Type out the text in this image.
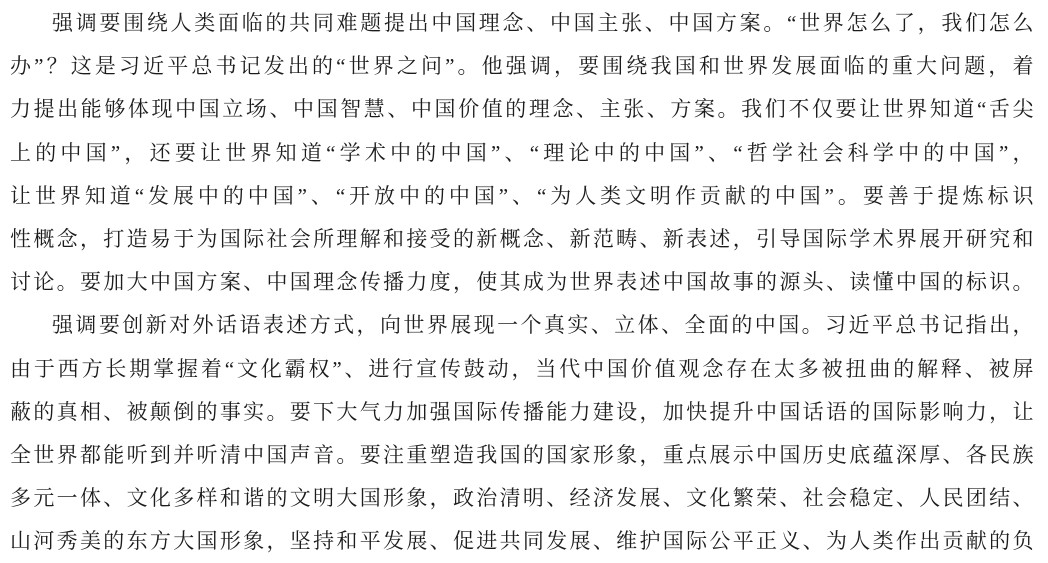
强调要围绕人类面临的共同难题提出中国理念、中国主张、中国方案。“世界怎么了，我们怎么
办”？这是习近平总书记发出的“世界之问”。他强调，要围绕我国和世界发展面临的重大问题，着
力提出能够体现中国立场、中国智慧、中国价值的理念、主张、方案。我们不仅要让世界知道“舌尖
上的中国”，还要让世界知道“学术中的中国”、“理论中的中国”、“哲学社会科学中的中国”，
让世界知道“发展中的中国”、“开放中的中国”、“为人类文明作贡献的中国”。要善于提炼标识
性概念，打造易于为国际社会所理解和接受的新概念、新范畴、新表述，引导国际学术界展开研究和
讨论。要加大中国方案、中国理念传播力度，使其成为世界表述中国故事的源头、读懂中国的标识。
强调要创新对外话语表述方式，向世界展现一个真实、立体、全面的中国。习近平总书记指出，
由于西方长期掌握着“文化霸权”、进行宣传鼓动，当代中国价值观念存在太多被扭曲的解释、被屏
蔽的真相、被颠倒的事实。要下大气力加强国际传播能力建设，加快提升中国话语的国际影响力，让
全世界都能听到并听清中国声音。要注重塑造我国的国家形象，重点展示中国历史底蕴深厚、各民族
多元一体、文化多样和谐的文明大国形象，政治清明、经济发展、文化繁荣、社会稳定、人民团结、
山河秀美的东方大国形象，坚持和平发展、促进共同发展、维护国际公平正义、为人类作出贡献的负
